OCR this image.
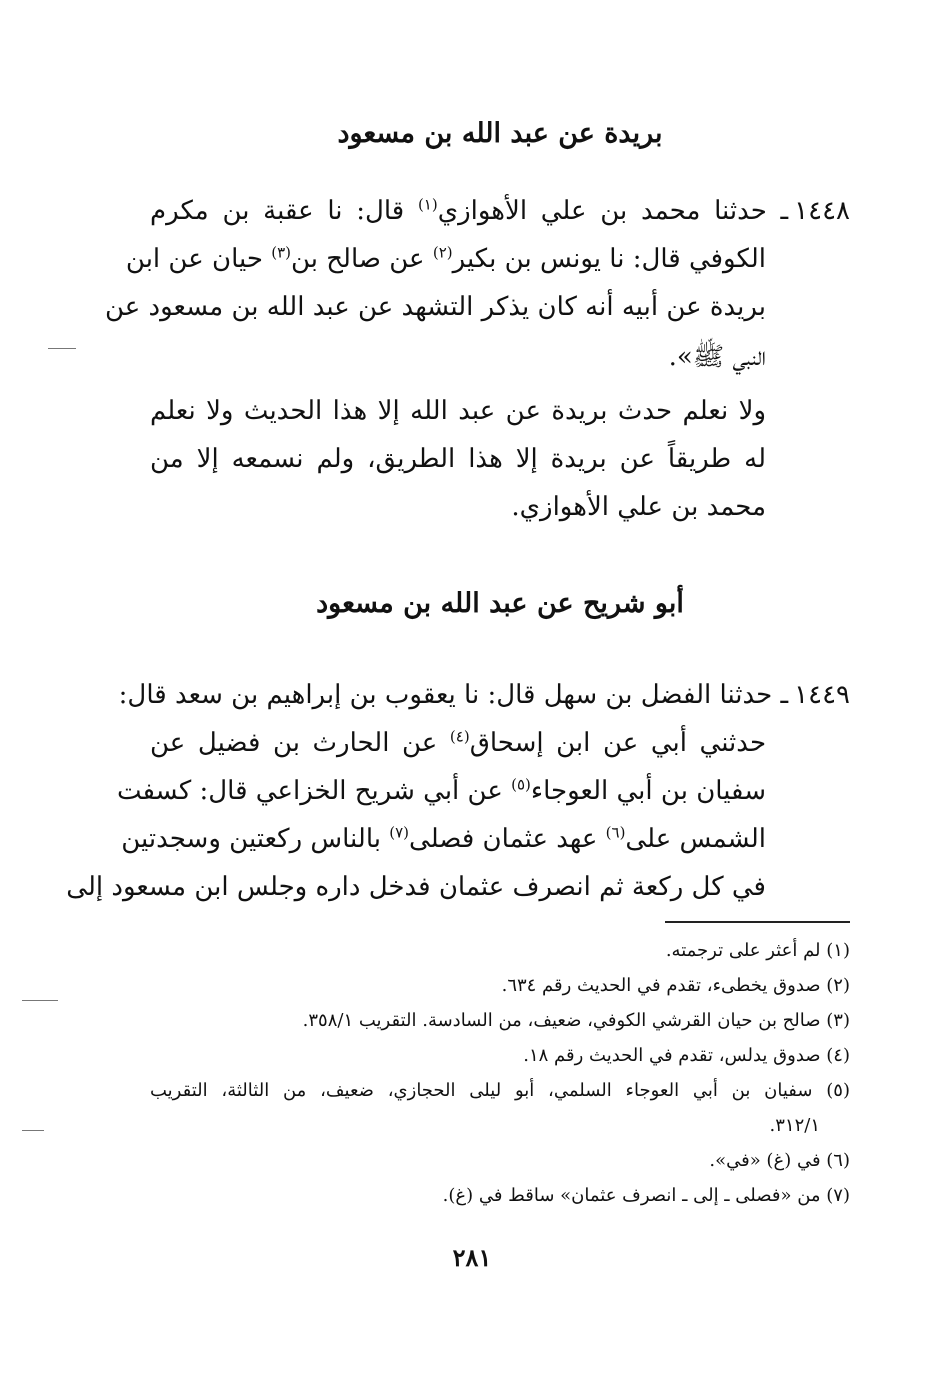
بريدة عن عبد الله بن مسعود
١٤٤٨ـ حدثنا محمد بن علي الأهوازي$^{(١)}$ قال: نا عقبة بن مكرم
الكوفي قال: نا يونس بن بكير$^{(٢)}$ عن صالح بن$^{(٣)}$ حيان عن ابن
بريدة عن أبيه أنه كان يذكر التشهد عن عبد الله بن مسعود عن
النبي ﷺ».
ولا نعلم حدث بريدة عن عبد الله إلا هذا الحديث ولا نعلم
له طريقاً عن بريدة إلا هذا الطريق، ولم نسمعه إلا من
محمد بن علي الأهوازي.
أبو شريح عن عبد الله بن مسعود
١٤٤٩ـ حدثنا الفضل بن سهل قال: نا يعقوب بن إبراهيم بن سعد قال:
حدثني أبي عن ابن إسحاق$^{(٤)}$ عن الحارث بن فضيل عن
سفيان بن أبي العوجاء$^{(٥)}$ عن أبي شريح الخزاعي قال: كسفت
الشمس على$^{(٦)}$ عهد عثمان فصلى$^{(٧)}$ بالناس ركعتين وسجدتين
في كل ركعة ثم انصرف عثمان فدخل داره وجلس ابن مسعود إلى
(١) لم أعثر على ترجمته.
(٢) صدوق يخطىء، تقدم في الحديث رقم ٦٣٤.
(٣) صالح بن حيان القرشي الكوفي، ضعيف، من السادسة. التقريب ٣٥٨/١.
(٤) صدوق يدلس، تقدم في الحديث رقم ١٨.
(٥) سفيان بن أبي العوجاء السلمي، أبو ليلى الحجازي، ضعيف، من الثالثة، التقريب
٣١٢/١.
(٦) في (غ) «في».
(٧) من «فصلى ـ إلى ـ انصرف عثمان» ساقط في (غ).
٢٨١
